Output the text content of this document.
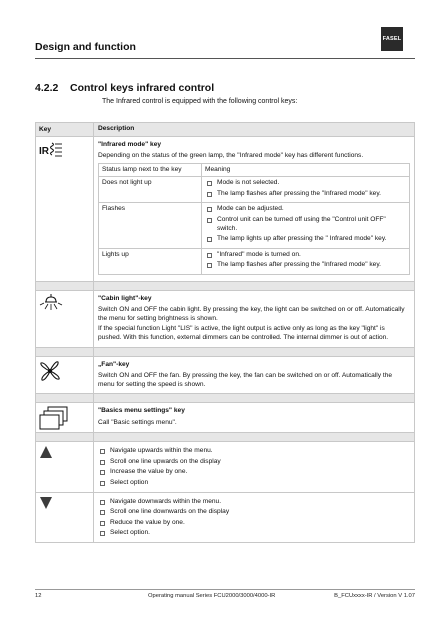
Design and function
FASEL
4.2.2 Control keys infrared control
The Infrared control is equipped with the following control keys:
Key	Description

IR

"Infrared mode" key
Depending on the status of the green lamp, the "Infrared mode" key has different functions.
Status lamp next to the key	Meaning
Does not light up	Mode is not selected.
The lamp flashes after pressing the "Infrared mode" key.

Flashes	Mode can be adjusted.
Control unit can be turned off using the "Control unit OFF" switch.
The lamp lights up after pressing the " Infrared mode" key.

Lights up	"Infrared" mode is turned on.
The lamp flashes after pressing the "Infrared mode" key.

"Cabin light"-key
Switch ON and OFF the cabin light. By pressing the key, the light can be switched on or off. Automatically the menu for setting brightness is shown.
If the special function Light "LIS" is active, the light output is active only as long as the key "light" is pushed. With this function, external dimmers can be controlled. The internal dimmer is out of action.

„Fan"-key
Switch ON and OFF the fan. By pressing the key, the fan can be switched on or off. Automatically the menu for setting the speed is shown.

"Basics menu settings" key
Call "Basic settings menu".

Navigate upwards within the menu.
Scroll one line upwards on the display
Increase the value by one.
Select option

Navigate downwards within the menu.
Scroll one line downwards on the display
Reduce the value by one.
Select option.
12	Operating manual Series FCU2000/3000/4000-IR	B_FCUxxxx-IR / Version V 1.07
